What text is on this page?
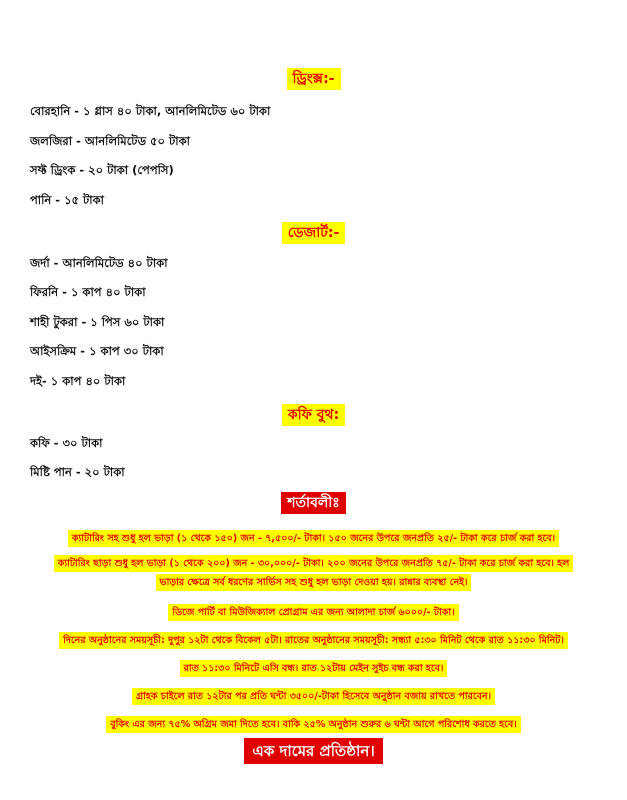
ড্রিংক্স:-
বোরহানি - ১ গ্লাস ৪০ টাকা, আনলিমিটেড ৬০ টাকা
জলজিরা - আনলিমিটেড ৫০ টাকা
সফ্ট ড্রিংক - ২০ টাকা (পেপসি)
পানি - ১৫ টাকা
ডেজার্ট:-
জর্দা - আনলিমিটেড ৪০ টাকা
ফিরনি - ১ কাপ ৪০ টাকা
শাহী টুকরা - ১ পিস ৬০ টাকা
আইসক্রিম - ১ কাপ ৩০ টাকা
দই- ১ কাপ ৪০ টাকা
কফি বুথ:
কফি - ৩০ টাকা
মিষ্টি পান - ২০ টাকা
শর্তাবলীঃ
ক্যাটারিং সহ শুধু হল ভাড়া (১ থেকে ১৫০) জন - ৭,৫০০/- টাকা। ১৫০ জনের উপরে জনপ্রতি ২৫/- টাকা করে চার্জ করা হবে।
ক্যাটারিং ছাড়া শুধু হল ভাড়া (১ থেকে ২০০) জন - ৩০,০০০/- টাকা। ২০০ জনের উপরে জনপ্রতি ৭৫/- টাকা করে চার্জ করা হবে। হল
ভাড়ার ক্ষেত্রে সর্ব ধরণের সার্ভিস সহ শুধু হল ভাড়া দেওয়া হয়। রান্নার ব্যবস্থা নেই।
ডিজে পার্টি বা মিউজিক্যাল প্রোগ্রাম এর জন্য আলাদা চার্জ ৬০০০/- টাকা।
দিনের অনুষ্ঠানের সময়সূচী: দুপুর ১২টা থেকে বিকেল ৫টা। রাতের অনুষ্ঠানের সময়সূচী: সন্ধ্যা ৫:৩০ মিনিট থেকে রাত ১১:৩০ মিনিট।
রাত ১১:৩০ মিনিটে এসি বন্ধ। রাত ১২টায় মেইন সুইচ বন্ধ করা হবে।
গ্রাহক চাইলে রাত ১২টার পর প্রতি ঘন্টা ৩৫০০/-টাকা হিসেবে অনুষ্ঠান বজায় রাখতে পারবেন।
বুকিং এর জন্য ৭৫% অগ্রিম জমা দিতে হবে। বাকি ২৫% অনুষ্ঠান শুরুর ৬ ঘন্টা আগে পরিশোধ করতে হবে।
এক দামের প্রতিষ্ঠান।
